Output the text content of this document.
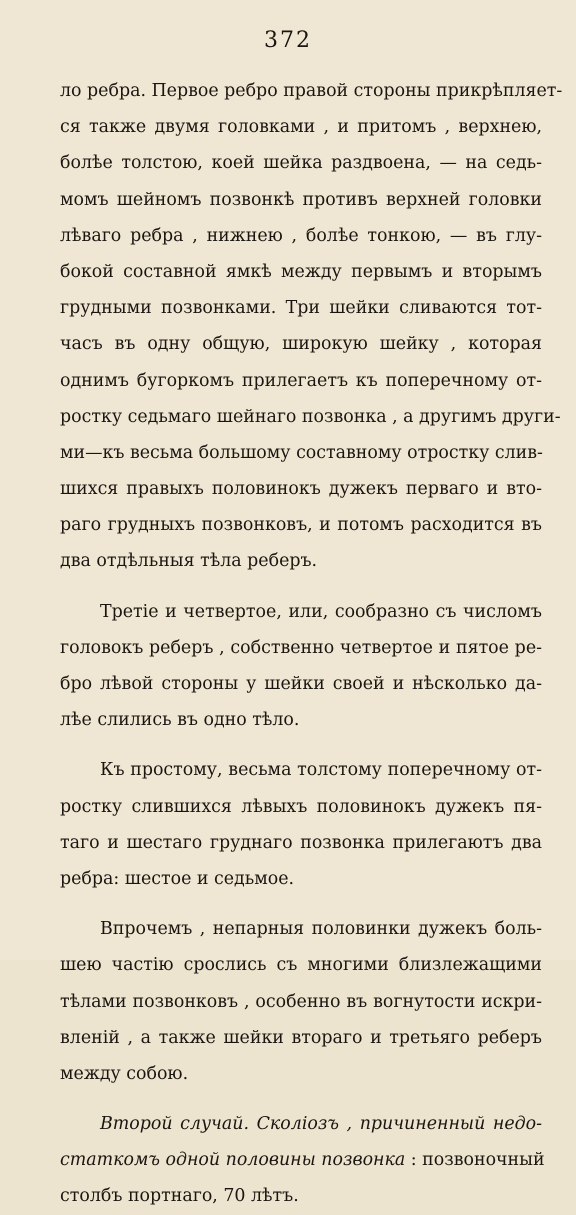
372
ло ребра. Первое ребро правой стороны прикрѣпляет-
ся также двумя головками , и притомъ , верхнею,
болѣе толстою, коей шейка раздвоена, — на седь-
момъ шейномъ позвонкѣ противъ верхней головки
лѣваго ребра , нижнею , болѣе тонкою, — въ глу-
бокой составной ямкѣ между первымъ и вторымъ
грудными позвонками. Три шейки сливаются тот-
часъ въ одну общую, широкую шейку , которая
однимъ бугоркомъ прилегаетъ къ поперечному от-
ростку седьмаго шейнаго позвонка , а другимъ други-
ми—къ весьма большому составному отростку слив-
шихся правыхъ половинокъ дужекъ перваго и вто-
раго грудныхъ позвонковъ, и потомъ расходится въ
два отдѣльныя тѣла реберъ.
Третіе и четвертое, или, сообразно съ числомъ
головокъ реберъ , собственно четвертое и пятое ре-
бро лѣвой стороны у шейки своей и нѣсколько да-
лѣе слились въ одно тѣло.
Къ простому, весьма толстому поперечному от-
ростку слившихся лѣвыхъ половинокъ дужекъ пя-
таго и шестаго груднаго позвонка прилегаютъ два
ребра: шестое и седьмое.
Впрочемъ , непарныя половинки дужекъ боль-
шею частію срослись съ многими близлежащими
тѣлами позвонковъ , особенно въ вогнутости искри-
вленій , а также шейки втораго и третьяго реберъ
между собою.
Второй случай. Сколіозъ , причиненный недо-
статкомъ одной половины позвонка : позвоночный
столбъ портнаго, 70 лѣтъ.
